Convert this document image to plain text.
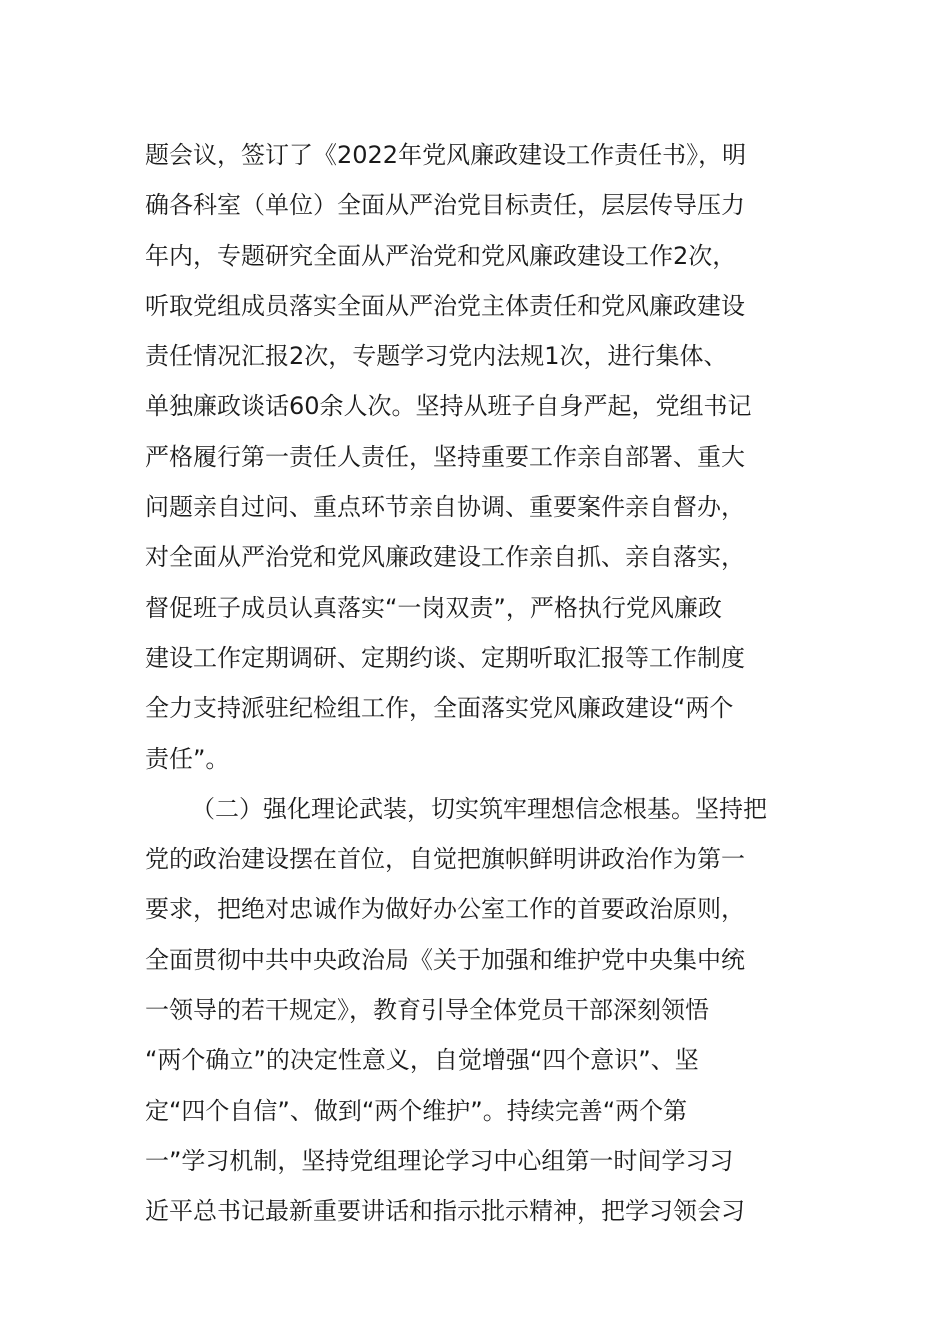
题会议，签订了《2022年党风廉政建设工作责任书》，明
确各科室（单位）全面从严治党目标责任，层层传导压力
年内，专题研究全面从严治党和党风廉政建设工作2次，
听取党组成员落实全面从严治党主体责任和党风廉政建设
责任情况汇报2次，专题学习党内法规1次，进行集体、
单独廉政谈话60余人次。坚持从班子自身严起，党组书记
严格履行第一责任人责任，坚持重要工作亲自部署、重大
问题亲自过问、重点环节亲自协调、重要案件亲自督办，
对全面从严治党和党风廉政建设工作亲自抓、亲自落实，
督促班子成员认真落实“一岗双责”，严格执行党风廉政
建设工作定期调研、定期约谈、定期听取汇报等工作制度
全力支持派驻纪检组工作，全面落实党风廉政建设“两个
责任”。
（二）强化理论武装，切实筑牢理想信念根基。坚持把
党的政治建设摆在首位，自觉把旗帜鲜明讲政治作为第一
要求，把绝对忠诚作为做好办公室工作的首要政治原则，
全面贯彻中共中央政治局《关于加强和维护党中央集中统
一领导的若干规定》，教育引导全体党员干部深刻领悟
“两个确立”的决定性意义，自觉增强“四个意识”、坚
定“四个自信”、做到“两个维护”。持续完善“两个第
一”学习机制，坚持党组理论学习中心组第一时间学习习
近平总书记最新重要讲话和指示批示精神，把学习领会习
